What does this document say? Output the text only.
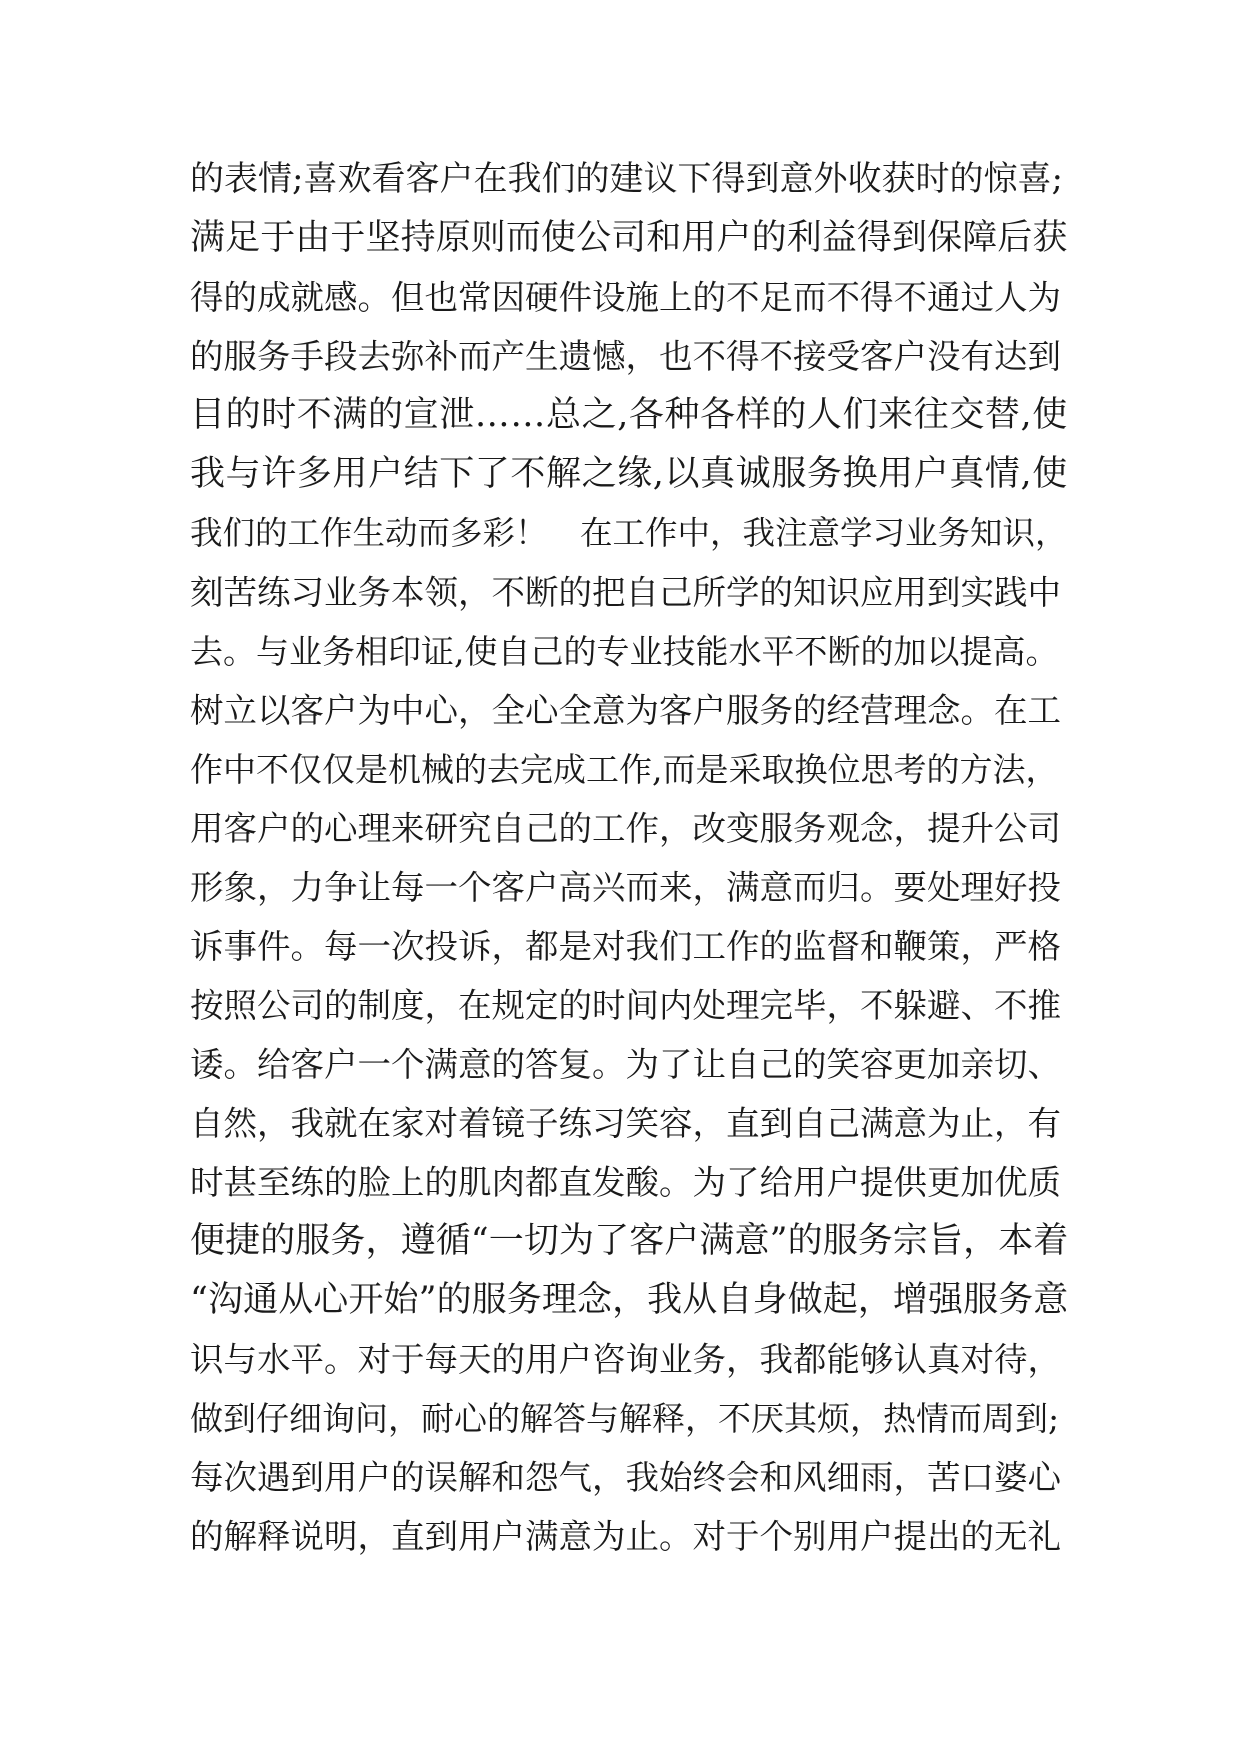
的表情;喜欢看客户在我们的建议下得到意外收获时的惊喜;
满足于由于坚持原则而使公司和用户的利益得到保障后获
得的成就感。但也常因硬件设施上的不足而不得不通过人为
的服务手段去弥补而产生遗憾，也不得不接受客户没有达到
目的时不满的宣泄……总之,各种各样的人们来往交替,使
我与许多用户结下了不解之缘,以真诚服务换用户真情,使
我们的工作生动而多彩！　在工作中，我注意学习业务知识，
刻苦练习业务本领，不断的把自己所学的知识应用到实践中
去。与业务相印证,使自己的专业技能水平不断的加以提高。
树立以客户为中心，全心全意为客户服务的经营理念。在工
作中不仅仅是机械的去完成工作,而是采取换位思考的方法，
用客户的心理来研究自己的工作，改变服务观念，提升公司
形象，力争让每一个客户高兴而来，满意而归。要处理好投
诉事件。每一次投诉，都是对我们工作的监督和鞭策，严格
按照公司的制度，在规定的时间内处理完毕，不躲避、不推
诿。给客户一个满意的答复。为了让自己的笑容更加亲切、
自然，我就在家对着镜子练习笑容，直到自己满意为止，有
时甚至练的脸上的肌肉都直发酸。为了给用户提供更加优质
便捷的服务，遵循“一切为了客户满意”的服务宗旨，本着
“沟通从心开始”的服务理念，我从自身做起，增强服务意
识与水平。对于每天的用户咨询业务，我都能够认真对待，
做到仔细询问，耐心的解答与解释，不厌其烦，热情而周到;
每次遇到用户的误解和怨气，我始终会和风细雨，苦口婆心
的解释说明，直到用户满意为止。对于个别用户提出的无礼
